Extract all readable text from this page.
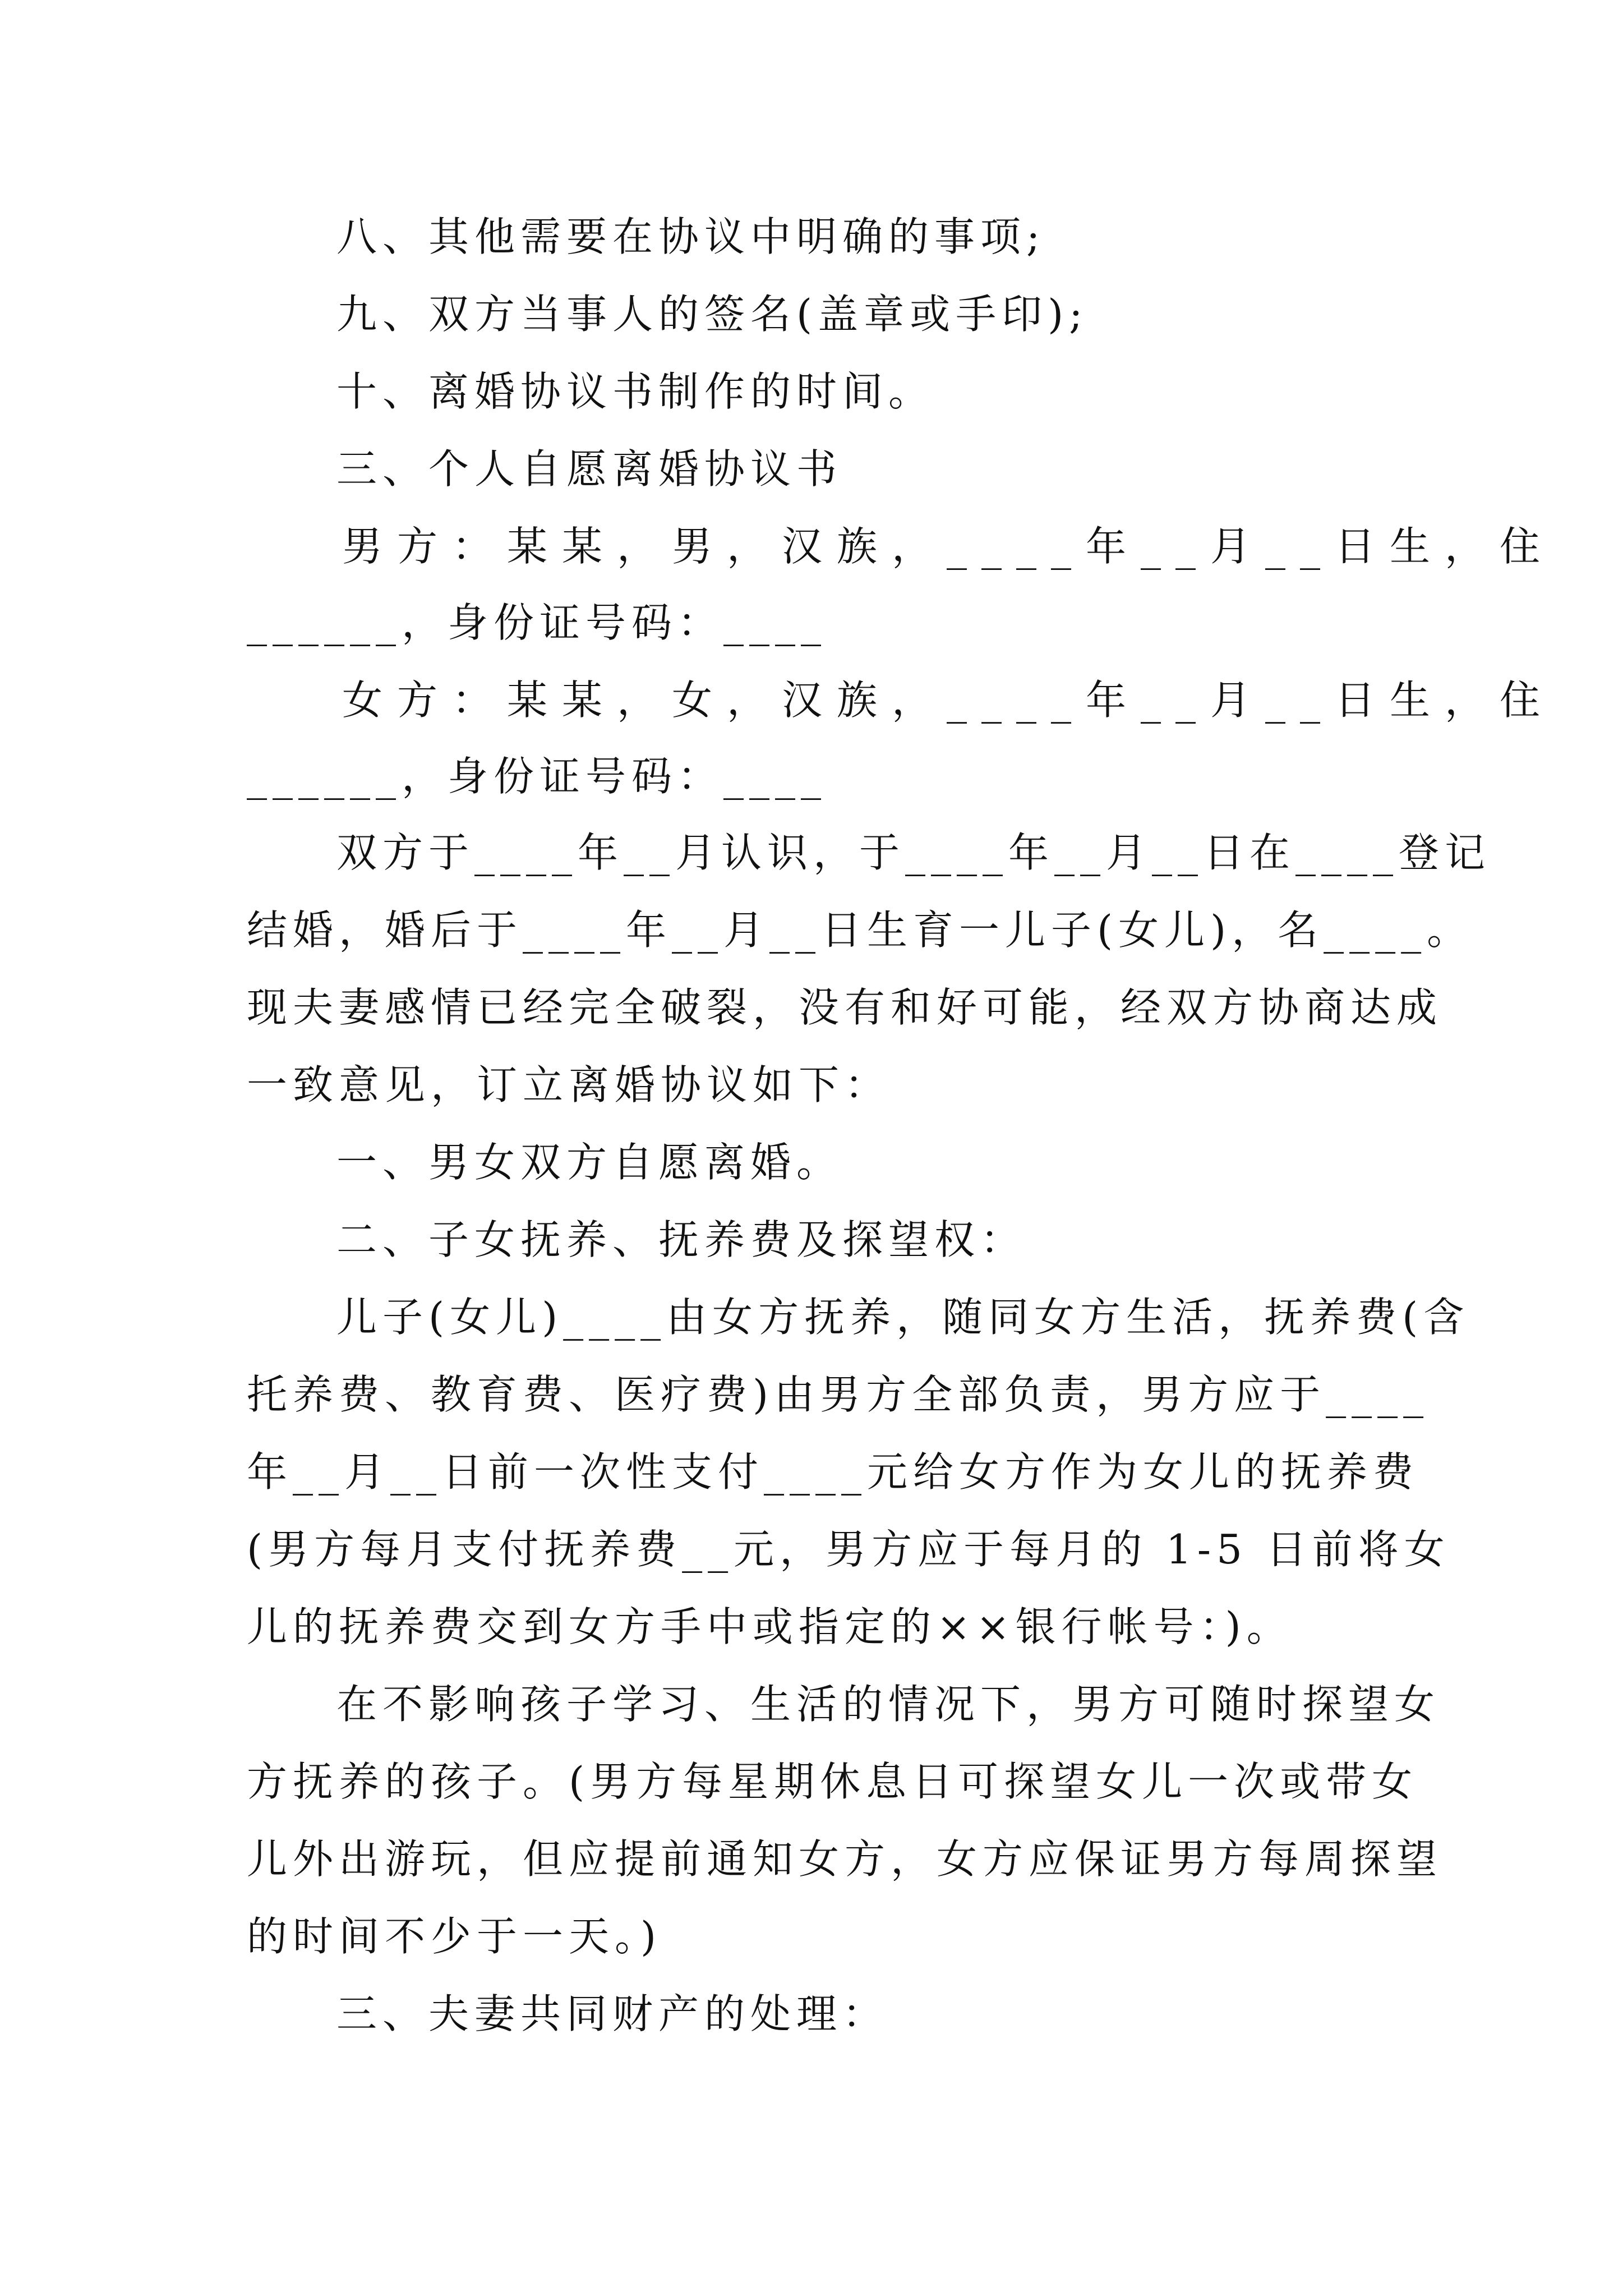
八、其他需要在协议中明确的事项;
九、双方当事人的签名(盖章或手印);
十、离婚协议书制作的时间。
三、个人自愿离婚协议书
男方：某某，男，汉族，____年__月__日生，住
______，身份证号码：____
女方：某某，女，汉族，____年__月__日生，住
______，身份证号码：____
双方于____年__月认识，于____年__月__日在____登记
结婚，婚后于____年__月__日生育一儿子(女儿)，名____。
现夫妻感情已经完全破裂，没有和好可能，经双方协商达成
一致意见，订立离婚协议如下：
一、男女双方自愿离婚。
二、子女抚养、抚养费及探望权：
儿子(女儿)____由女方抚养，随同女方生活，抚养费(含
托养费、教育费、医疗费)由男方全部负责，男方应于____
年__月__日前一次性支付____元给女方作为女儿的抚养费
(男方每月支付抚养费__元，男方应于每月的 1-5 日前将女
儿的抚养费交到女方手中或指定的××银行帐号：)。
在不影响孩子学习、生活的情况下，男方可随时探望女
方抚养的孩子。(男方每星期休息日可探望女儿一次或带女
儿外出游玩，但应提前通知女方，女方应保证男方每周探望
的时间不少于一天。)
三、夫妻共同财产的处理：
